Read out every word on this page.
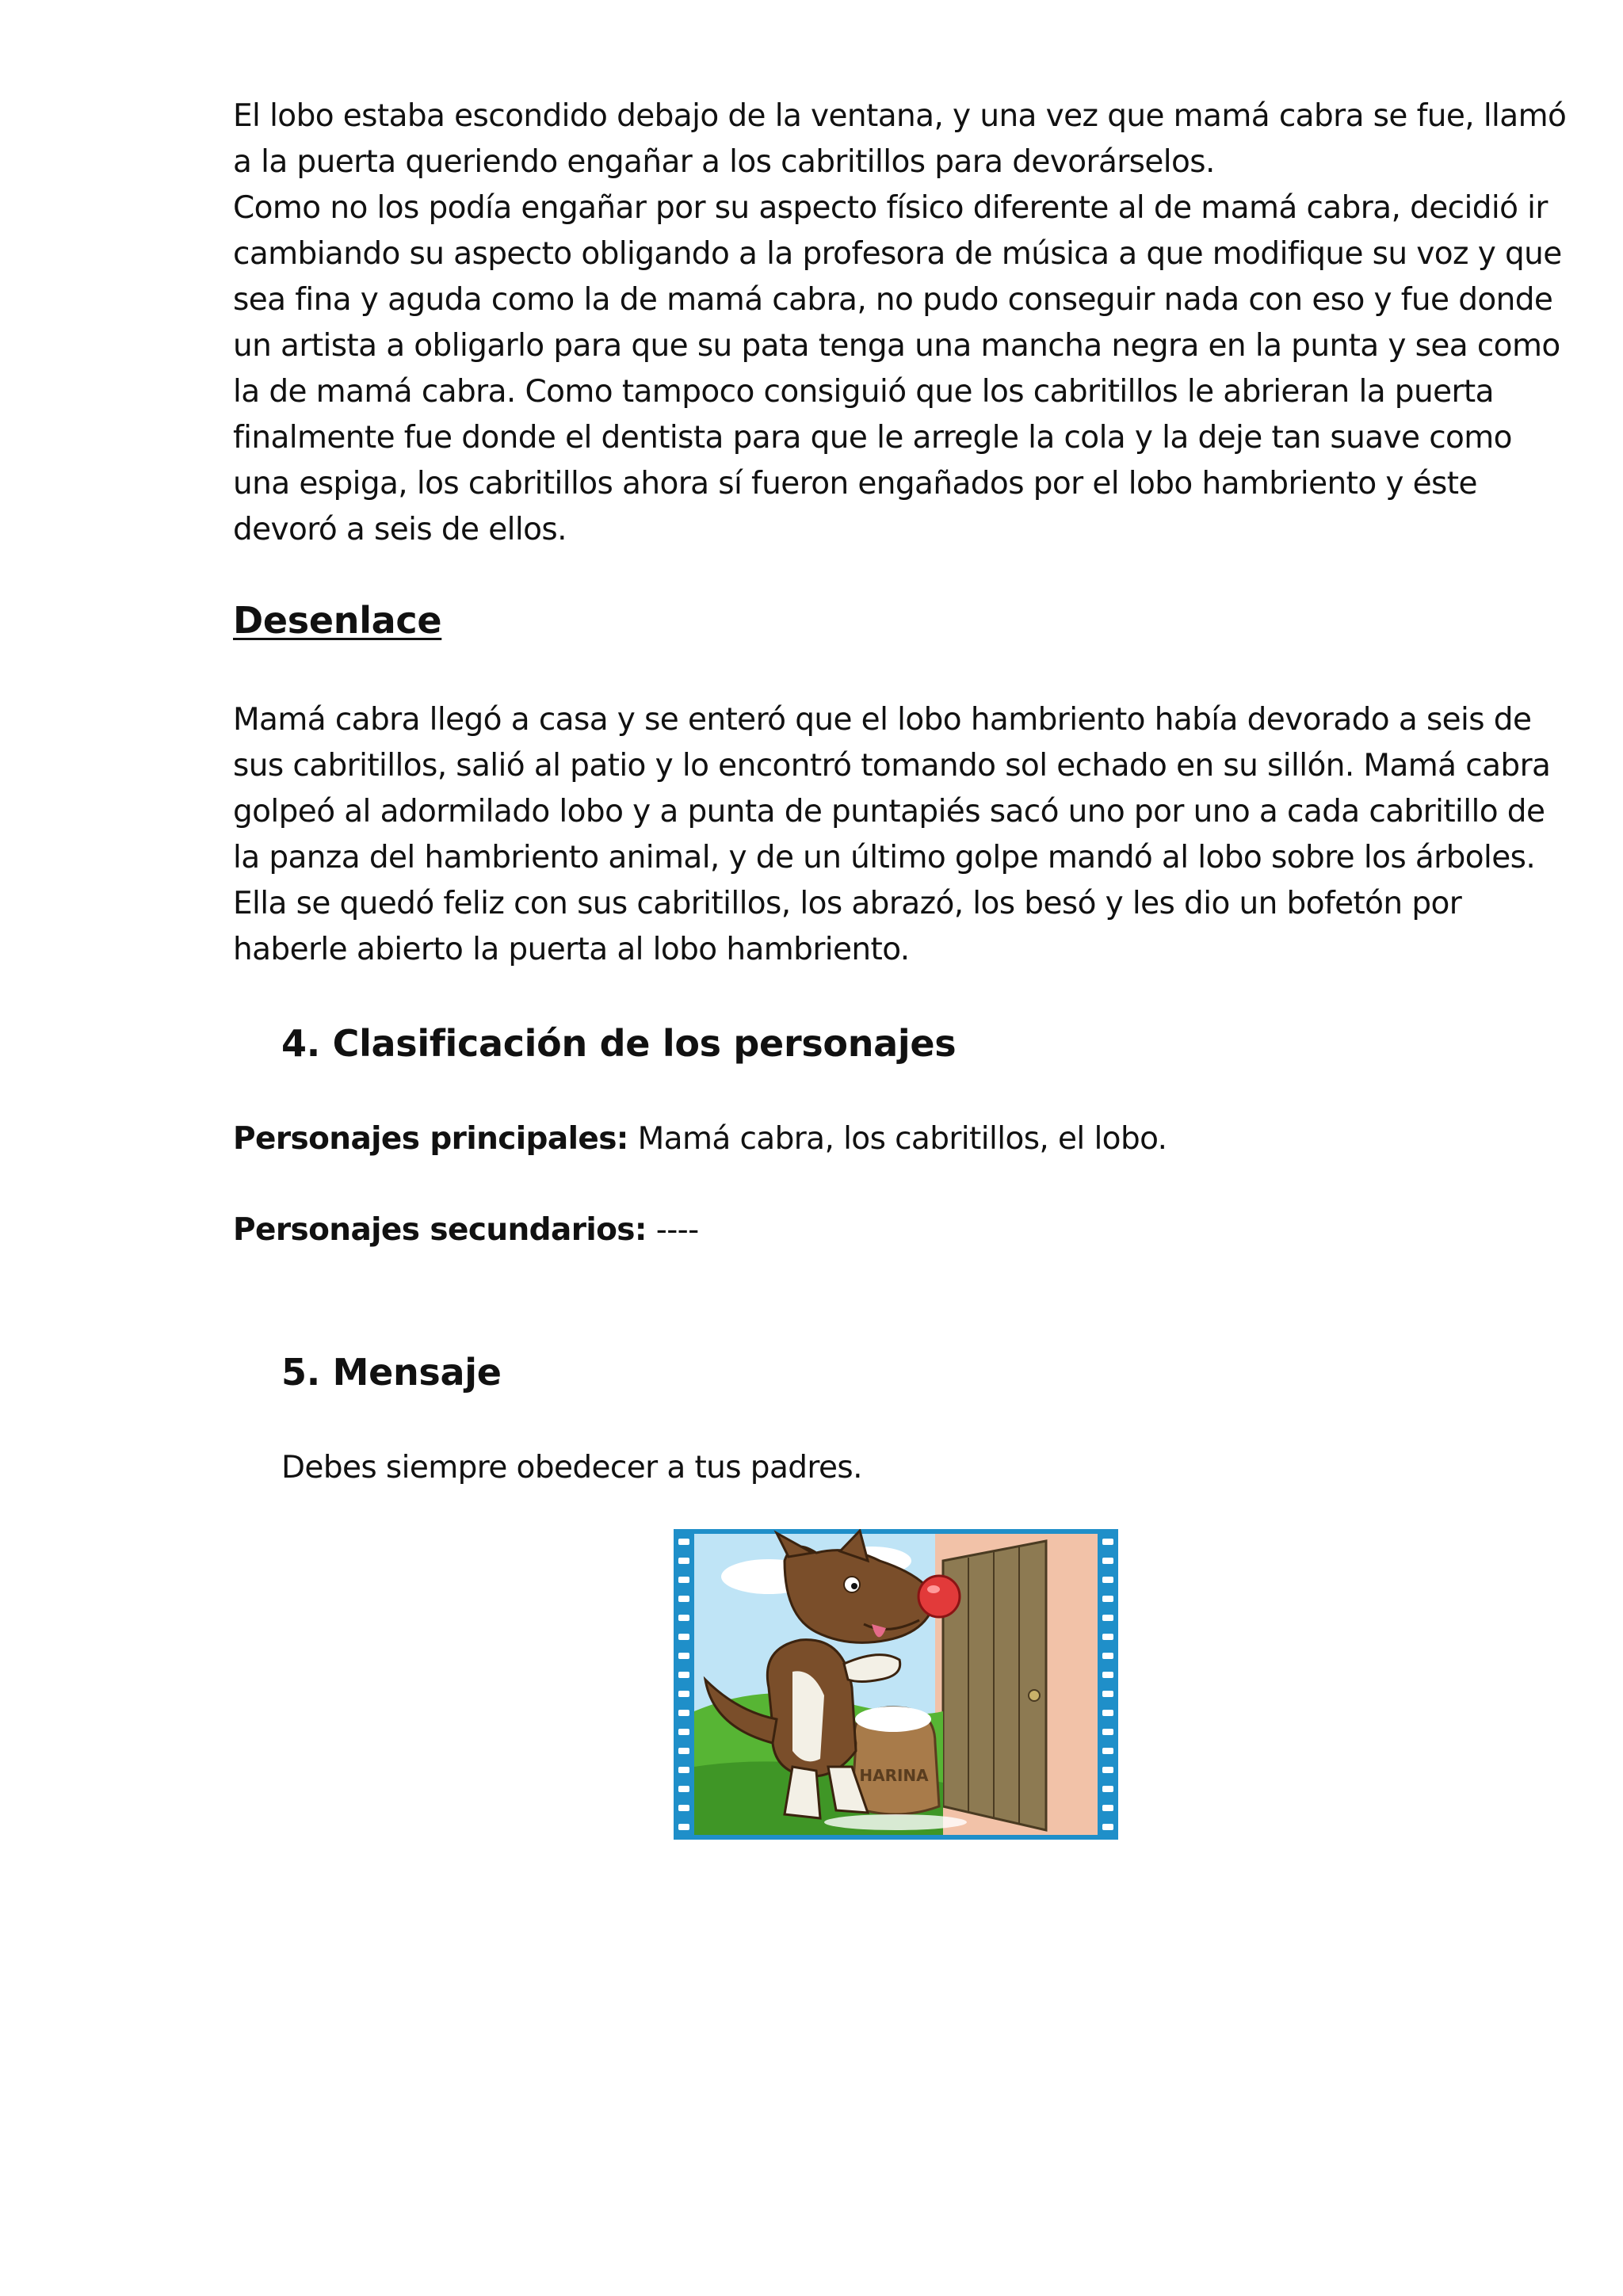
El lobo estaba escondido debajo de la ventana, y una vez que mamá cabra se fue, llamó a la puerta queriendo engañar a los cabritillos para devorárselos.

Como no los podía engañar por su aspecto físico diferente al de mamá cabra, decidió ir cambiando su aspecto obligando a la profesora de música a que modifique su voz y que sea fina y aguda como la de mamá cabra, no pudo conseguir nada con eso y fue donde un artista a obligarlo para que su pata tenga una mancha negra en la punta y sea como la de mamá cabra. Como tampoco consiguió que los cabritillos le abrieran la puerta finalmente fue donde el dentista para que le arregle la cola y la deje tan suave como una espiga, los cabritillos ahora sí fueron engañados por el lobo hambriento y éste devoró a seis de ellos.

Desenlace

Mamá cabra llegó a casa y se enteró que el lobo hambriento había devorado a seis de sus cabritillos, salió al patio y lo encontró tomando sol echado en su sillón. Mamá cabra golpeó al adormilado lobo y a punta de puntapiés sacó uno por uno a cada cabritillo de la panza del hambriento animal, y de un último golpe mandó al lobo sobre los árboles. Ella se quedó feliz con sus cabritillos, los abrazó, los besó y les dio un bofetón por haberle abierto la puerta al lobo hambriento.

4. Clasificación de los personajes

Personajes principales: Mamá cabra, los cabritillos, el lobo.

Personajes secundarios: ----

5. Mensaje

Debes siempre obedecer a tus padres.

HARINA
